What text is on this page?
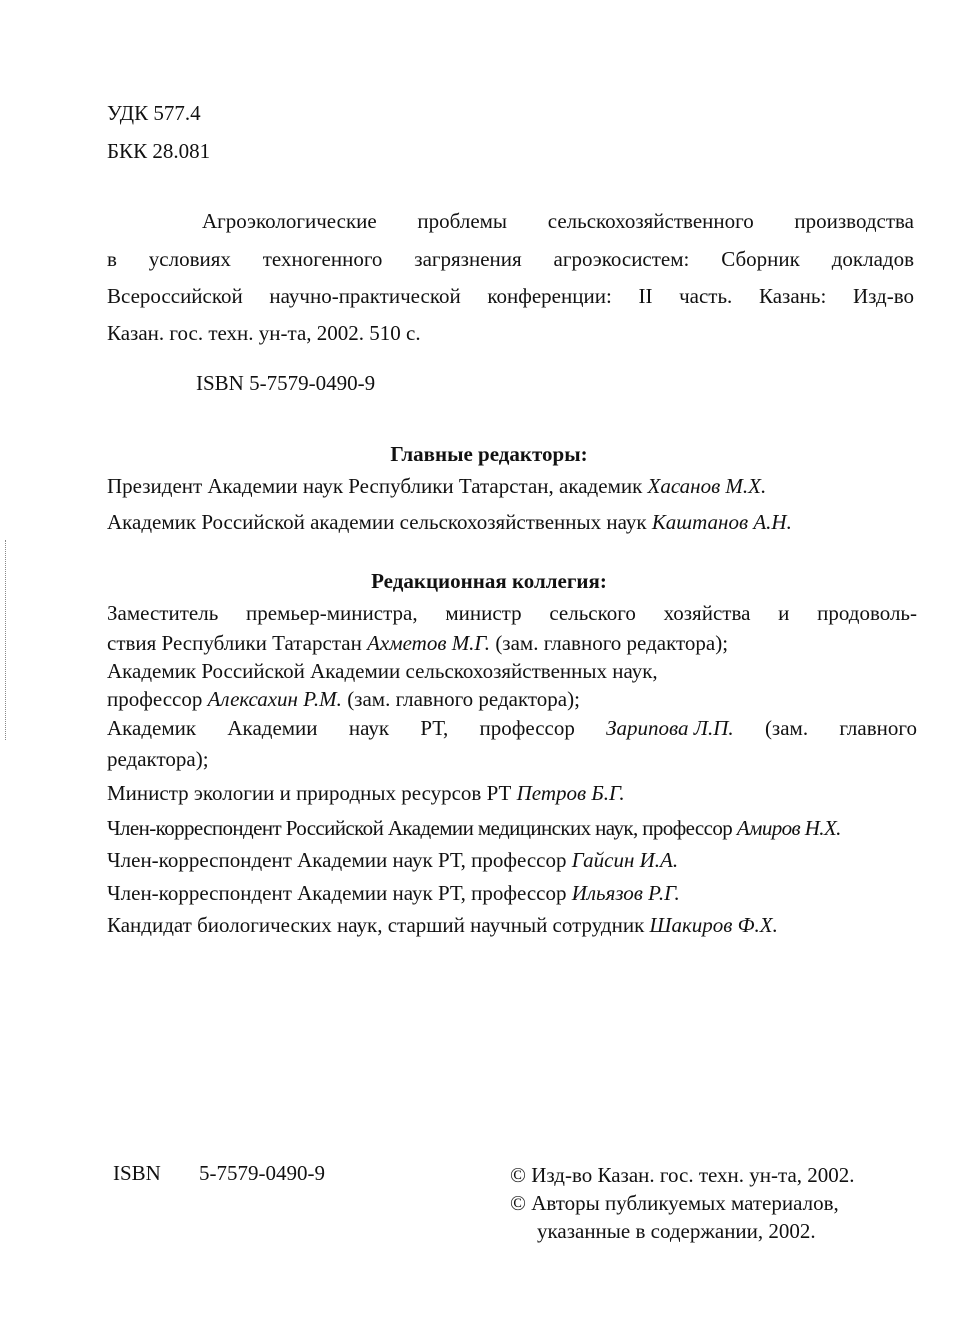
УДК 577.4
БКК 28.081
Агроэкологические проблемы сельскохозяйственного производства
в условиях техногенного загрязнения агроэкосистем: Сборник докладов
Всероссийской научно-практической конференции: II часть. Казань: Изд-во
Казан. гос. техн. ун-та, 2002. 510 с.
ISBN 5-7579-0490-9
Главные редакторы:
Президент Академии наук Республики Татарстан, академик Хасанов М.Х.
Академик Российской академии сельскохозяйственных наук Каштанов А.Н.
Редакционная коллегия:
Заместитель премьер-министра, министр сельского хозяйства и продоволь-
ствия Республики Татарстан Ахметов М.Г. (зам. главного редактора);
Академик Российской Академии сельскохозяйственных наук,
профессор Алексахин Р.М. (зам. главного редактора);
Академик Академии наук РТ, профессор Зарипова Л.П. (зам. главного
редактора);
Министр экологии и природных ресурсов РТ Петров Б.Г.
Член-корреспондент Российской Академии медицинских наук, профессор Амиров Н.Х.
Член-корреспондент Академии наук РТ, профессор Гайсин И.А.
Член-корреспондент Академии наук РТ, профессор Ильязов Р.Г.
Кандидат биологических наук, старший научный сотрудник Шакиров Ф.Х.
ISBN 5-7579-0490-9	© Изд-во Казан. гос. техн. ун-та, 2002.
© Авторы публикуемых материалов,
указанные в содержании, 2002.
